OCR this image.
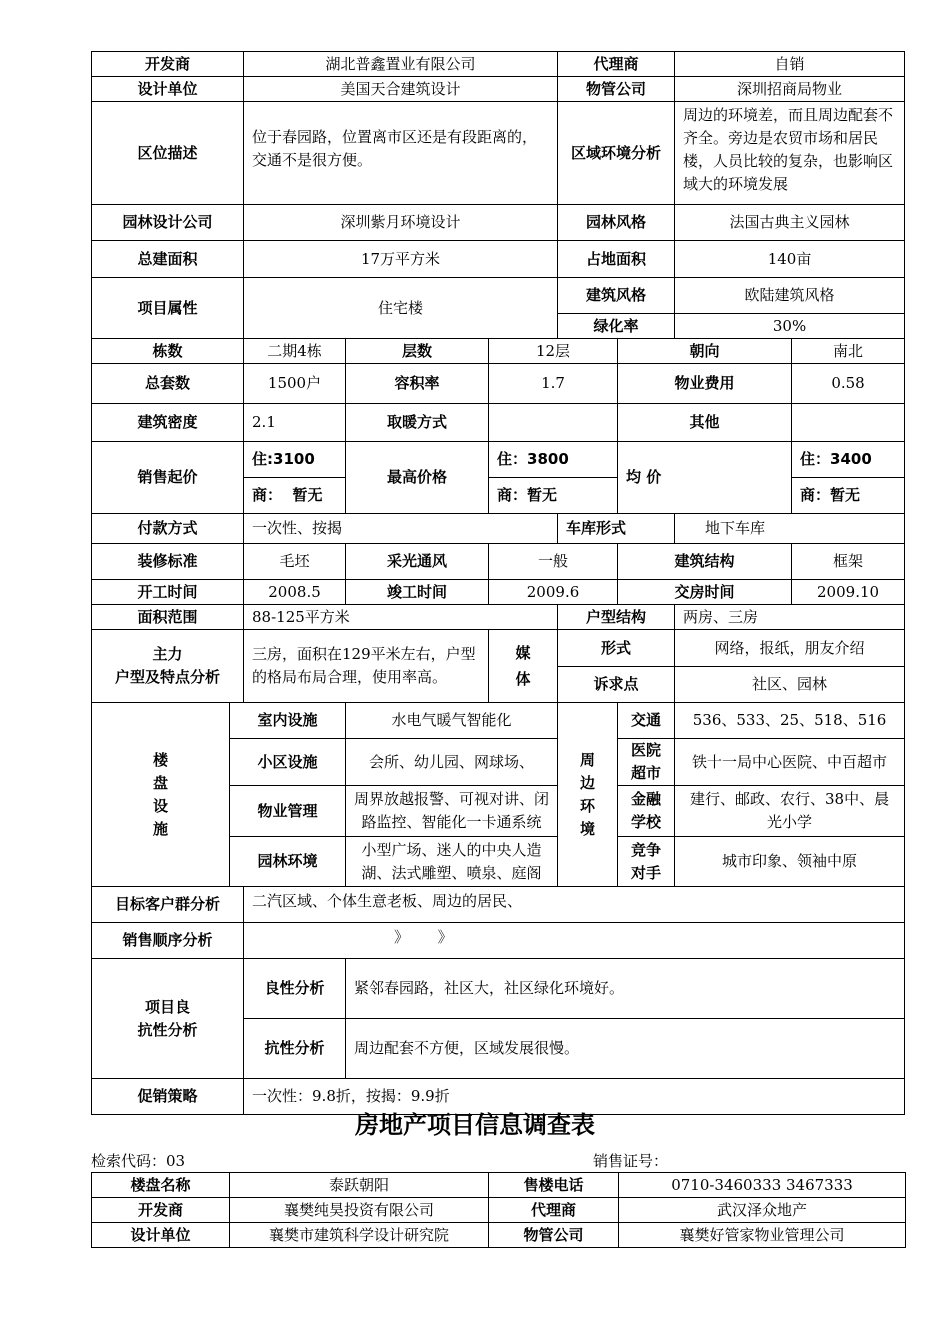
开发商		湖北普鑫置业有限公司			代理商		自销	
设计单位		美国天合建筑设计			物管公司		深圳招商局物业	
区位描述		位于春园路，位置离市区还是有段距离的，交通不是很方便。			区域环境分析		周边的环境差，而且周边配套不齐全。旁边是农贸市场和居民楼，人员比较的复杂，也影响区域大的环境发展	
园林设计公司		深圳紫月环境设计			园林风格		法国古典主义园林	
总建面积		17万平方米			占地面积		140亩	
项目属性		住宅楼			建筑风格		欧陆建筑风格	
					绿化率		30%	
栋数		二期4栋	层数	12层		朝向		南北
总套数		1500户	容积率	1.7		物业费用		0.58
建筑密度		2.1	取暖方式			其他		
销售起价		住:3100	最高价格	住：3800		均 价		住：3400
		商：  暂无		商：暂无				商：暂无
付款方式		一次性、按揭			车库形式		地下车库	
装修标准		毛坯	采光通风	一般		建筑结构		框架
开工时间		2008.5	竣工时间	2009.6		交房时间		2009.10
面积范围		88-125平方米			户型结构		两房、三房	

主力
户型及特点分析		三房，面积在129平米左右，户型的格局布局合理，使用率高。		媒体	形式		网络，报纸，朋友介绍	
					诉求点		社区、园林	

楼盘设施	室内设施		水电气暖气智能化		周边环境	交通	536、533、25、518、516	
	小区设施		会所、幼儿园、网球场、			医院超市	铁十一局中心医院、中百超市	
	物业管理		周界放越报警、可视对讲、闭路监控、智能化一卡通系统			金融学校	建行、邮政、农行、38中、晨光小学	
	园林环境		小型广场、迷人的中央人造湖、法式雕塑、喷泉、庭阁			竞争对手	城市印象、领袖中原	
目标客户群分析		二汽区域、个体生意老板、周边的居民、						
销售顺序分析		》      》						

项目良
抗性分析		良性分析	紧邻春园路，社区大，社区绿化环境好。					
		抗性分析	周边配套不方便，区域发展很慢。					
促销策略		一次性：9.8折，按揭：9.9折						
房地产项目信息调查表
检索代码：03	销售证号：
楼盘名称	泰跃朝阳	售楼电话	0710-3460333 3467333
开发商	襄樊纯昊投资有限公司	代理商	武汉泽众地产
设计单位	襄樊市建筑科学设计研究院	物管公司	襄樊好管家物业管理公司
